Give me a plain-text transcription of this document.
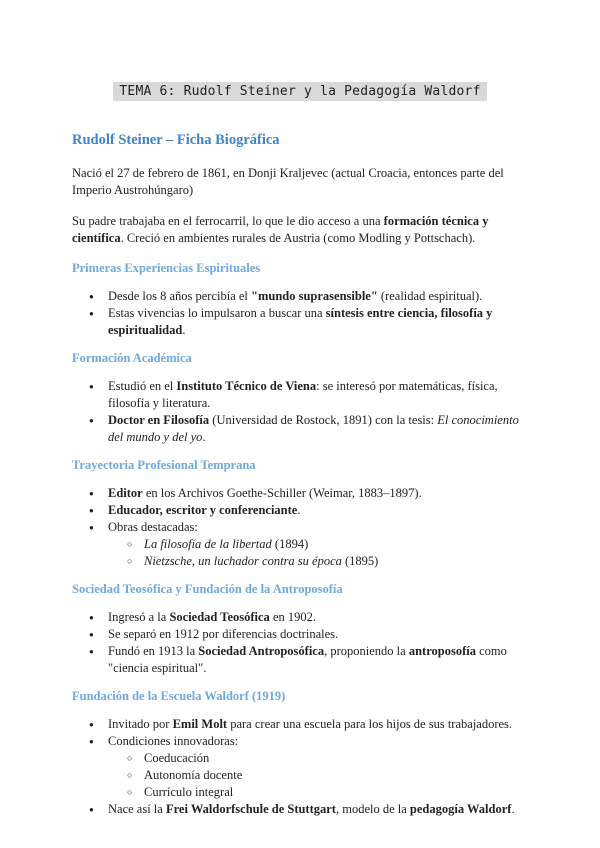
TEMA 6: Rudolf Steiner y la Pedagogía Waldorf
Rudolf Steiner – Ficha Biográfica

Nació el 27 de febrero de 1861, en Donji Kraljevec (actual Croacia, entonces parte del Imperio Austrohúngaro)

Su padre trabajaba en el ferrocarril, lo que le dio acceso a una formación técnica y científica. Creció en ambientes rurales de Austria (como Modling y Pottschach).

Primeras Experiencias Espirituales
● Desde los 8 años percibía el "mundo suprasensible" (realidad espiritual).
● Estas vivencias lo impulsaron a buscar una síntesis entre ciencia, filosofía y espiritualidad.
Formación Académica
● Estudió en el Instituto Técnico de Viena: se interesó por matemáticas, física, filosofía y literatura.
● Doctor en Filosofía (Universidad de Rostock, 1891) con la tesis: El conocimiento del mundo y del yo.
Trayectoria Profesional Temprana
● Editor en los Archivos Goethe-Schiller (Weimar, 1883–1897).
● Educador, escritor y conferenciante.
● Obras destacadas:
○ La filosofía de la libertad (1894)
○ Nietzsche, un luchador contra su época (1895)
Sociedad Teosófica y Fundación de la Antroposofía
● Ingresó a la Sociedad Teosófica en 1902.
● Se separó en 1912 por diferencias doctrinales.
● Fundó en 1913 la Sociedad Antroposófica, proponiendo la antroposofía como "ciencia espiritual".
Fundación de la Escuela Waldorf (1919)
● Invitado por Emil Molt para crear una escuela para los hijos de sus trabajadores.
● Condiciones innovadoras:
○ Coeducación
○ Autonomía docente
○ Currículo integral
● Nace así la Frei Waldorfschule de Stuttgart, modelo de la pedagogía Waldorf.
